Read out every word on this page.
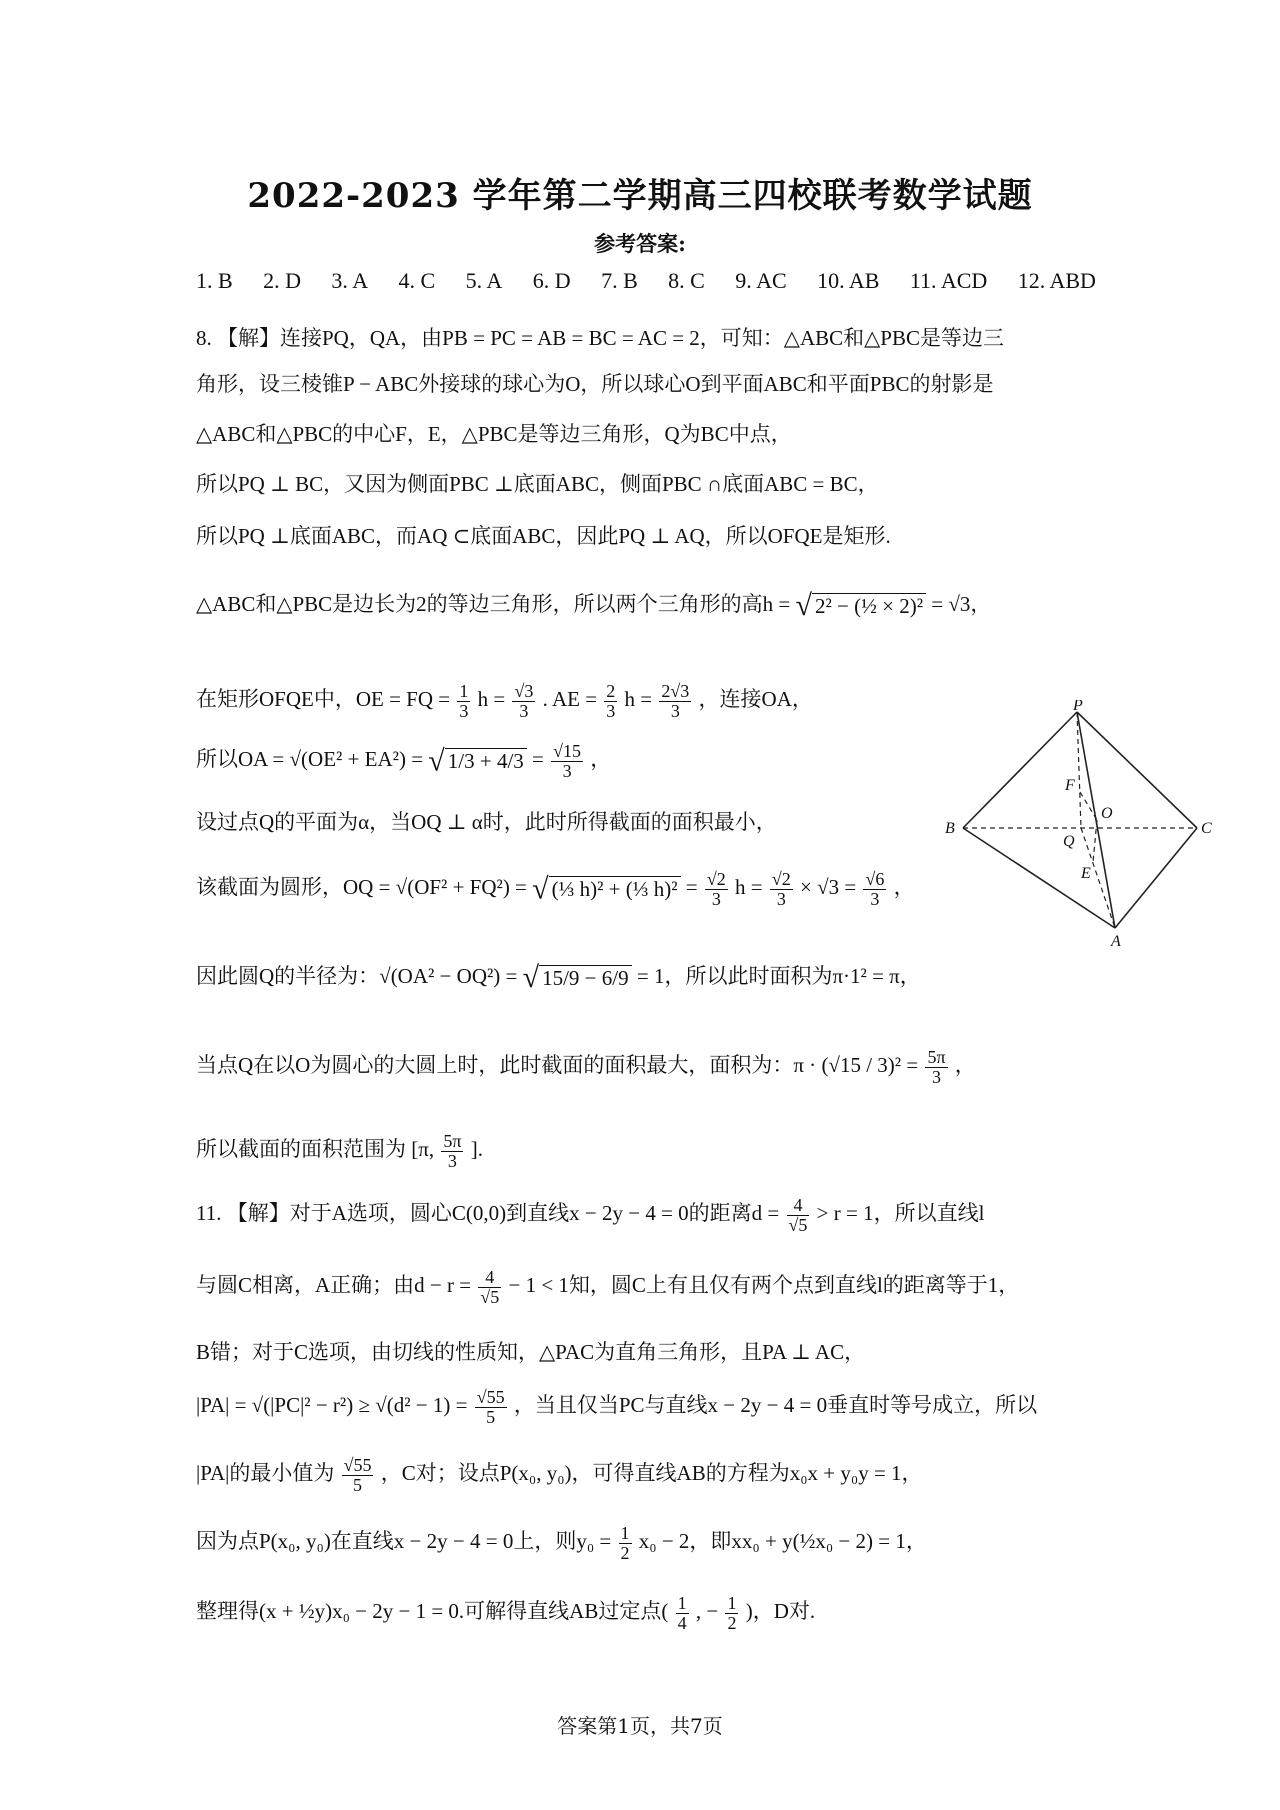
2022-2023 学年第二学期高三四校联考数学试题
参考答案:
1. B 2. D 3. A 4. C 5. A 6. D 7. B 8. C 9. AC 10. AB 11. ACD 12. ABD
8. 【解】连接PQ，QA，由PB = PC = AB = BC = AC = 2，可知：△ABC和△PBC是等边三
角形，设三棱锥P − ABC外接球的球心为O，所以球心O到平面ABC和平面PBC的射影是
△ABC和△PBC的中心F，E，△PBC是等边三角形，Q为BC中点，
所以PQ ⊥ BC，又因为侧面PBC ⊥底面ABC，侧面PBC ∩底面ABC = BC，
所以PQ ⊥底面ABC，而AQ ⊂底面ABC，因此PQ ⊥ AQ，所以OFQE是矩形.
△ABC和△PBC是边长为2的等边三角形，所以两个三角形的高h = √ 2² − (½ × 2)² = √3，
在矩形OFQE中，OE = FQ = $\frac{1}{3}$ $h = \frac{√3}{3}$ . AE = $\frac{2}{3}$ $h = \frac{2√3}{3}$ ，连接OA，
所以OA = √(OE² + EA²) = √ $1/3 + 4/3 = \frac{√15}{3}$ ，
设过点Q的平面为α，当OQ ⊥ α时，此时所得截面的面积最小，
该截面为圆形，OQ = √(OF² + FQ²) = √ (⅓ h)² + (⅓ $h)^2 = \frac{√2}{3}$ $h = \frac{√2}{3} \times √3 = \frac{√6}{3}$ ，
因此圆Q的半径为：√(OA² − OQ²) = √ 15/9 − 6/9 = 1，所以此时面积为π·1² = π，
当点Q在以O为圆心的大圆上时，此时截面的面积最大，面积为：$\pi \cdot (√15 / 3)^2 = \frac{5\pi}{3}$ ，
所以截面的面积范围为 [π, $\frac{5\pi}{3}$ ].
P
B	C
A
F
O
Q
E
11. 【解】对于A选项，圆心C(0,0)到直线x − 2y − 4 = 0的距离$d = \frac{4}{√5} > r = 1$，所以直线l
与圆C相离，A正确；由$d - r = \frac{4}{√5} - 1 < 1$知，圆C上有且仅有两个点到直线l的距离等于1，
B错；对于C选项，由切线的性质知，△PAC为直角三角形，且PA ⊥ AC，
$|PA| = √(|PC|^2 - r^2) \ge √(d^2 - 1) = \frac{√55}{5}$ ，当且仅当PC与直线x − 2y − 4 = 0垂直时等号成立，所以
|PA|的最小值为 $\frac{√55}{5}$ ，C对；设点P(x₀, y₀)，可得直线AB的方程为x₀x + y₀y = 1，
因为点P(x₀, y₀)在直线x − 2y − 4 = 0上，则$y_0 = \frac{1}{2} x_0 - 2$，即xx₀ + y(½x₀ − 2) = 1，
整理得(x + ½y)x₀ − 2y − 1 = 0.可解得直线AB过定点( $\frac{1}{4}$ , − $\frac{1}{2}$ )，D对.
答案第1页，共7页
